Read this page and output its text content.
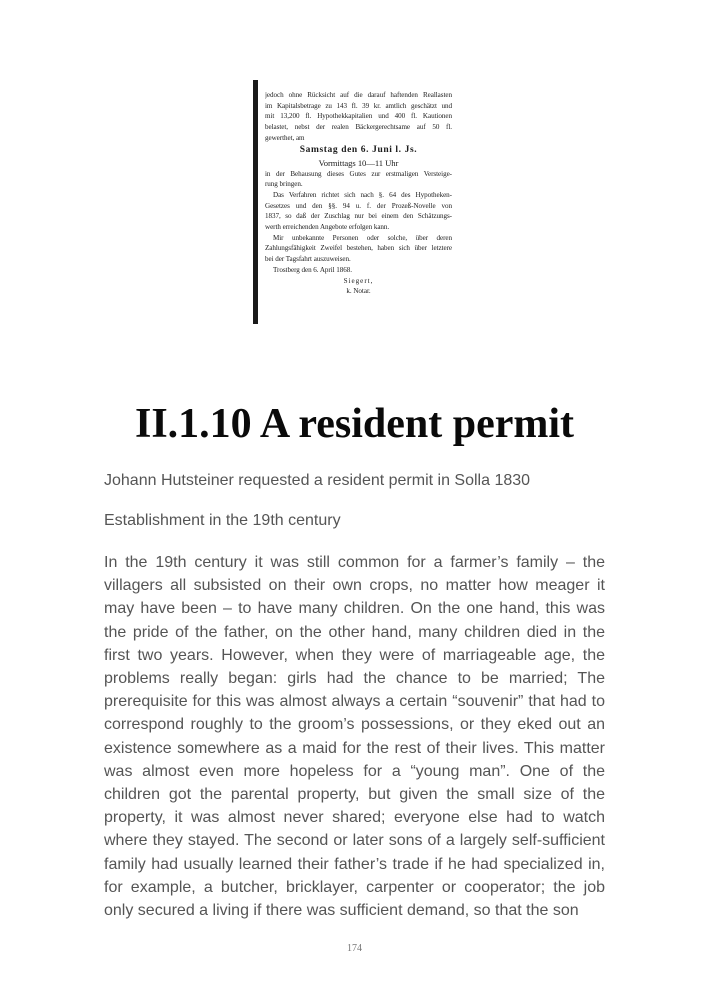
jedoch ohne Rücksicht auf die darauf haftenden Reallasten
im Kapitalsbetrage zu 143 fl. 39 kr. amtlich geschätzt und
mit 13,200 fl. Hypothekkapitalien und 400 fl. Kautionen
belastet, nebst der realen Bäckergerechtsame auf 50 fl.
gewerthet, am
Samstag den 6. Juni l. Js.
Vormittags 10—11 Uhr
in der Behausung dieses Gutes zur erstmaligen Versteige-
rung bringen.
Das Verfahren richtet sich nach §. 64 des Hypotheken-
Gesetzes und den §§. 94 u. f. der Prozeß-Novelle von
1837, so daß der Zuschlag nur bei einem den Schätzungs-
werth erreichenden Angebote erfolgen kann.
Mir unbekannte Personen oder solche, über deren
Zahlungsfähigkeit Zweifel bestehen, haben sich über letztere
bei der Tagsfahrt auszuweisen.
Trostberg den 6. April 1868.
Siegert,
k. Notar.
II.1.10 A resident permit

Johann Hutsteiner requested a resident permit in Solla 1830

Establishment in the 19th century

In the 19th century it was still common for a farmer’s family – the villagers all subsisted on their own crops, no matter how meager it may have been – to have many children. On the one hand, this was the pride of the father, on the other hand, many children died in the first two years. However, when they were of marriageable age, the problems really began: girls had the chance to be married; The prerequisite for this was almost always a certain “souvenir” that had to correspond roughly to the groom’s possessions, or they eked out an existence somewhere as a maid for the rest of their lives. This matter was almost even more hopeless for a “young man”. One of the children got the parental property, but given the small size of the property, it was almost never shared; everyone else had to watch where they stayed. The second or later sons of a largely self-sufficient family had usually learned their father’s trade if he had specialized in, for example, a butcher, bricklayer, carpenter or cooperator; the job only secured a living if there was sufficient demand, so that the son

174
